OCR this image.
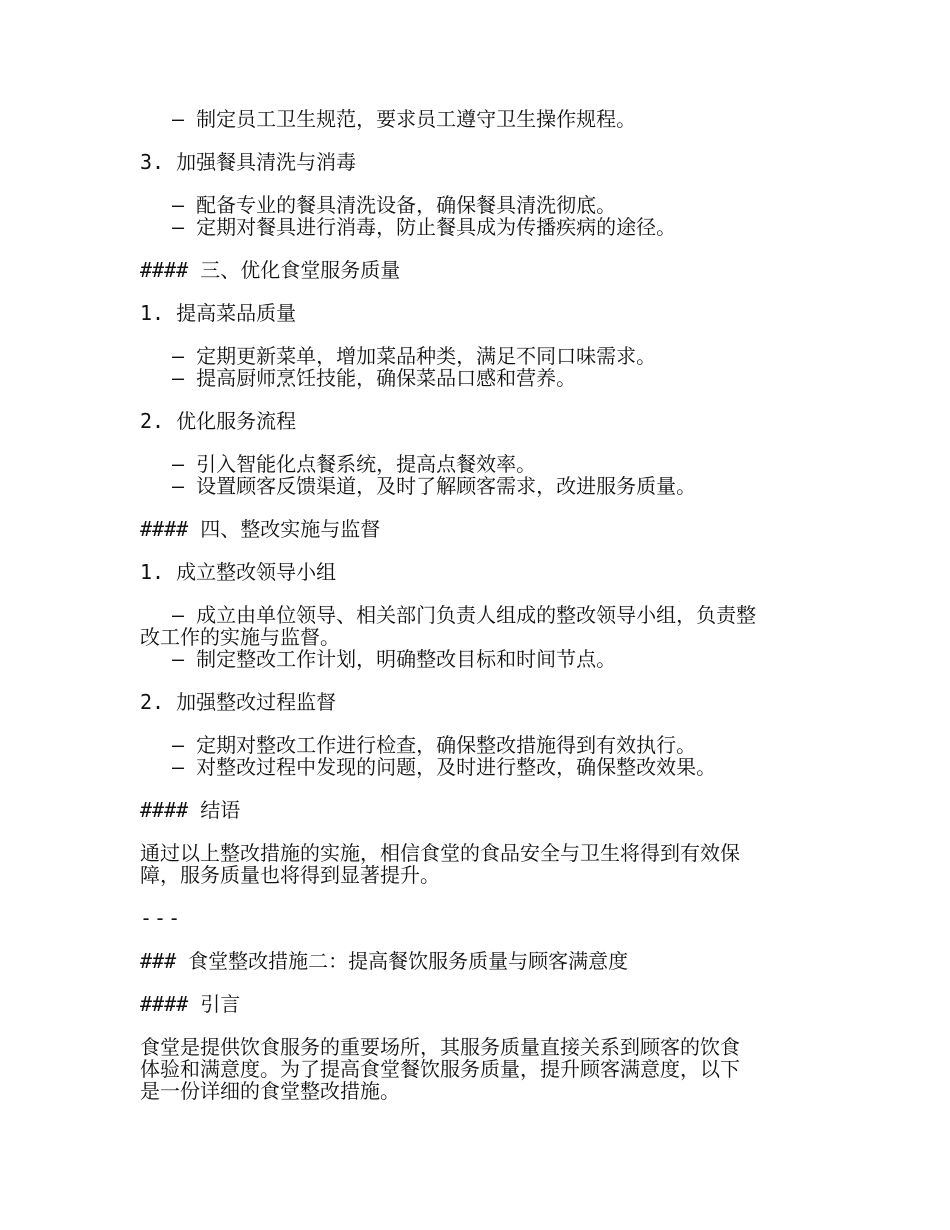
– 制定员工卫生规范，要求员工遵守卫生操作规程。

3. 加强餐具清洗与消毒

– 配备专业的餐具清洗设备，确保餐具清洗彻底。

– 定期对餐具进行消毒，防止餐具成为传播疾病的途径。

#### 三、优化食堂服务质量

1. 提高菜品质量

– 定期更新菜单，增加菜品种类，满足不同口味需求。

– 提高厨师烹饪技能，确保菜品口感和营养。

2. 优化服务流程

– 引入智能化点餐系统，提高点餐效率。

– 设置顾客反馈渠道，及时了解顾客需求，改进服务质量。

#### 四、整改实施与监督

1. 成立整改领导小组

– 成立由单位领导、相关部门负责人组成的整改领导小组，负责整

改工作的实施与监督。

– 制定整改工作计划，明确整改目标和时间节点。

2. 加强整改过程监督

– 定期对整改工作进行检查，确保整改措施得到有效执行。

– 对整改过程中发现的问题，及时进行整改，确保整改效果。

#### 结语

通过以上整改措施的实施，相信食堂的食品安全与卫生将得到有效保

障，服务质量也将得到显著提升。

---

### 食堂整改措施二：提高餐饮服务质量与顾客满意度

#### 引言

食堂是提供饮食服务的重要场所，其服务质量直接关系到顾客的饮食

体验和满意度。为了提高食堂餐饮服务质量，提升顾客满意度，以下

是一份详细的食堂整改措施。
